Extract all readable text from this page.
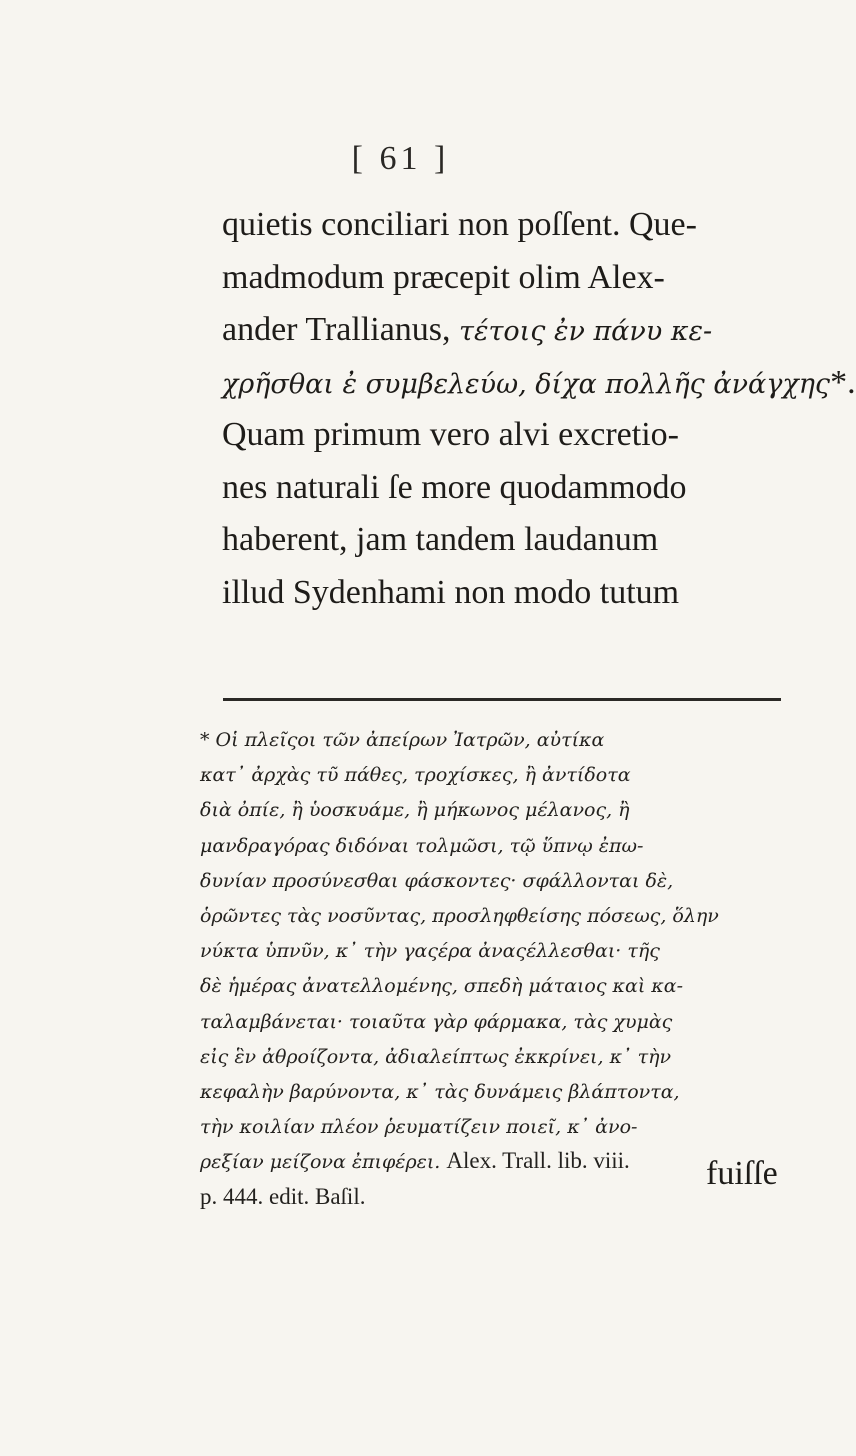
[ 61 ]
quietis conciliari non poſſent. Que-
madmodum præcepit olim Alex-
ander Trallianus, τέτοις ἐν πάνυ κε-
χρῆσθαι ἐ συμβελεύω, δίχα πολλῆς ἀνάγχης*.
Quam primum vero alvi excretio-
nes naturali ſe more quodammodo
haberent, jam tandem laudanum
illud Sydenhami non modo tutum
* Οἱ πλεῖςοι τῶν ἀπείρων Ἰατρῶν, αὐτίκα
κατ᾽ ἀρχὰς τῦ πάθες, τροχίσκες, ἢ ἀντίδοτα
διὰ ὀπίε, ἢ ὑοσκυάμε, ἢ μήκωνος μέλανος, ἢ
μανδραγόρας διδόναι τολμῶσι, τῷ ὕπνῳ ἐπω-
δυνίαν προσύνεσθαι φάσκοντες· σφάλλονται δὲ,
ὁρῶντες τὰς νοσῦντας, προσληφθείσης πόσεως, ὅλην
νύκτα ὑπνῦν, κ᾽ τὴν γαςέρα ἀναςέλλεσθαι· τῆς
δὲ ἡμέρας ἀνατελλομένης, σπεδὴ μάταιος καὶ κα-
ταλαμβάνεται· τοιαῦτα γὰρ φάρμακα, τὰς χυμὰς
εἰς ἓν ἀθροίζοντα, ἀδιαλείπτως ἐκκρίνει, κ᾽ τὴν
κεφαλὴν βαρύνοντα, κ᾽ τὰς δυνάμεις βλάπτοντα,
τὴν κοιλίαν πλέον ῥευματίζειν ποιεῖ, κ᾽ ἀνο-
ρεξίαν μείζονα ἐπιφέρει. Alex. Trall. lib. viii.
p. 444. edit. Baſil.
fuiſſe
